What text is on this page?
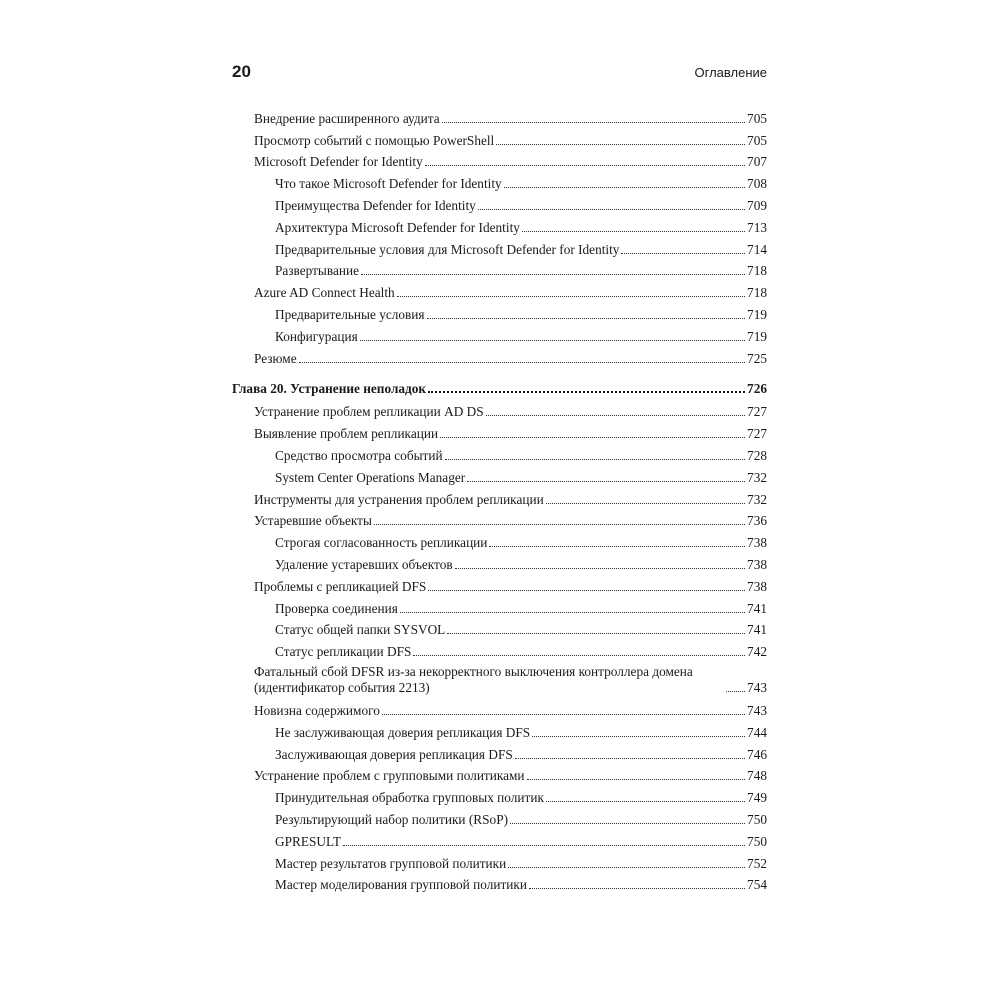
20	Оглавление
Внедрение расширенного аудита	705
Просмотр событий с помощью PowerShell	705
Microsoft Defender for Identity	707
Что такое Microsoft Defender for Identity	708
Преимущества Defender for Identity	709
Архитектура Microsoft Defender for Identity	713
Предварительные условия для Microsoft Defender for Identity	714
Развертывание	718
Azure AD Connect Health	718
Предварительные условия	719
Конфигурация	719
Резюме	725
Глава 20. Устранение неполадок	726
Устранение проблем репликации AD DS	727
Выявление проблем репликации	727
Средство просмотра событий	728
System Center Operations Manager	732
Инструменты для устранения проблем репликации	732
Устаревшие объекты	736
Строгая согласованность репликации	738
Удаление устаревших объектов	738
Проблемы с репликацией DFS	738
Проверка соединения	741
Статус общей папки SYSVOL	741
Статус репликации DFS	742
Фатальный сбой DFSR из-за некорректного выключения контроллера домена (идентификатор события 2213)	743
Новизна содержимого	743
Не заслуживающая доверия репликация DFS	744
Заслуживающая доверия репликация DFS	746
Устранение проблем с групповыми политиками	748
Принудительная обработка групповых политик	749
Результирующий набор политики (RSoP)	750
GPRESULT	750
Мастер результатов групповой политики	752
Мастер моделирования групповой политики	754
